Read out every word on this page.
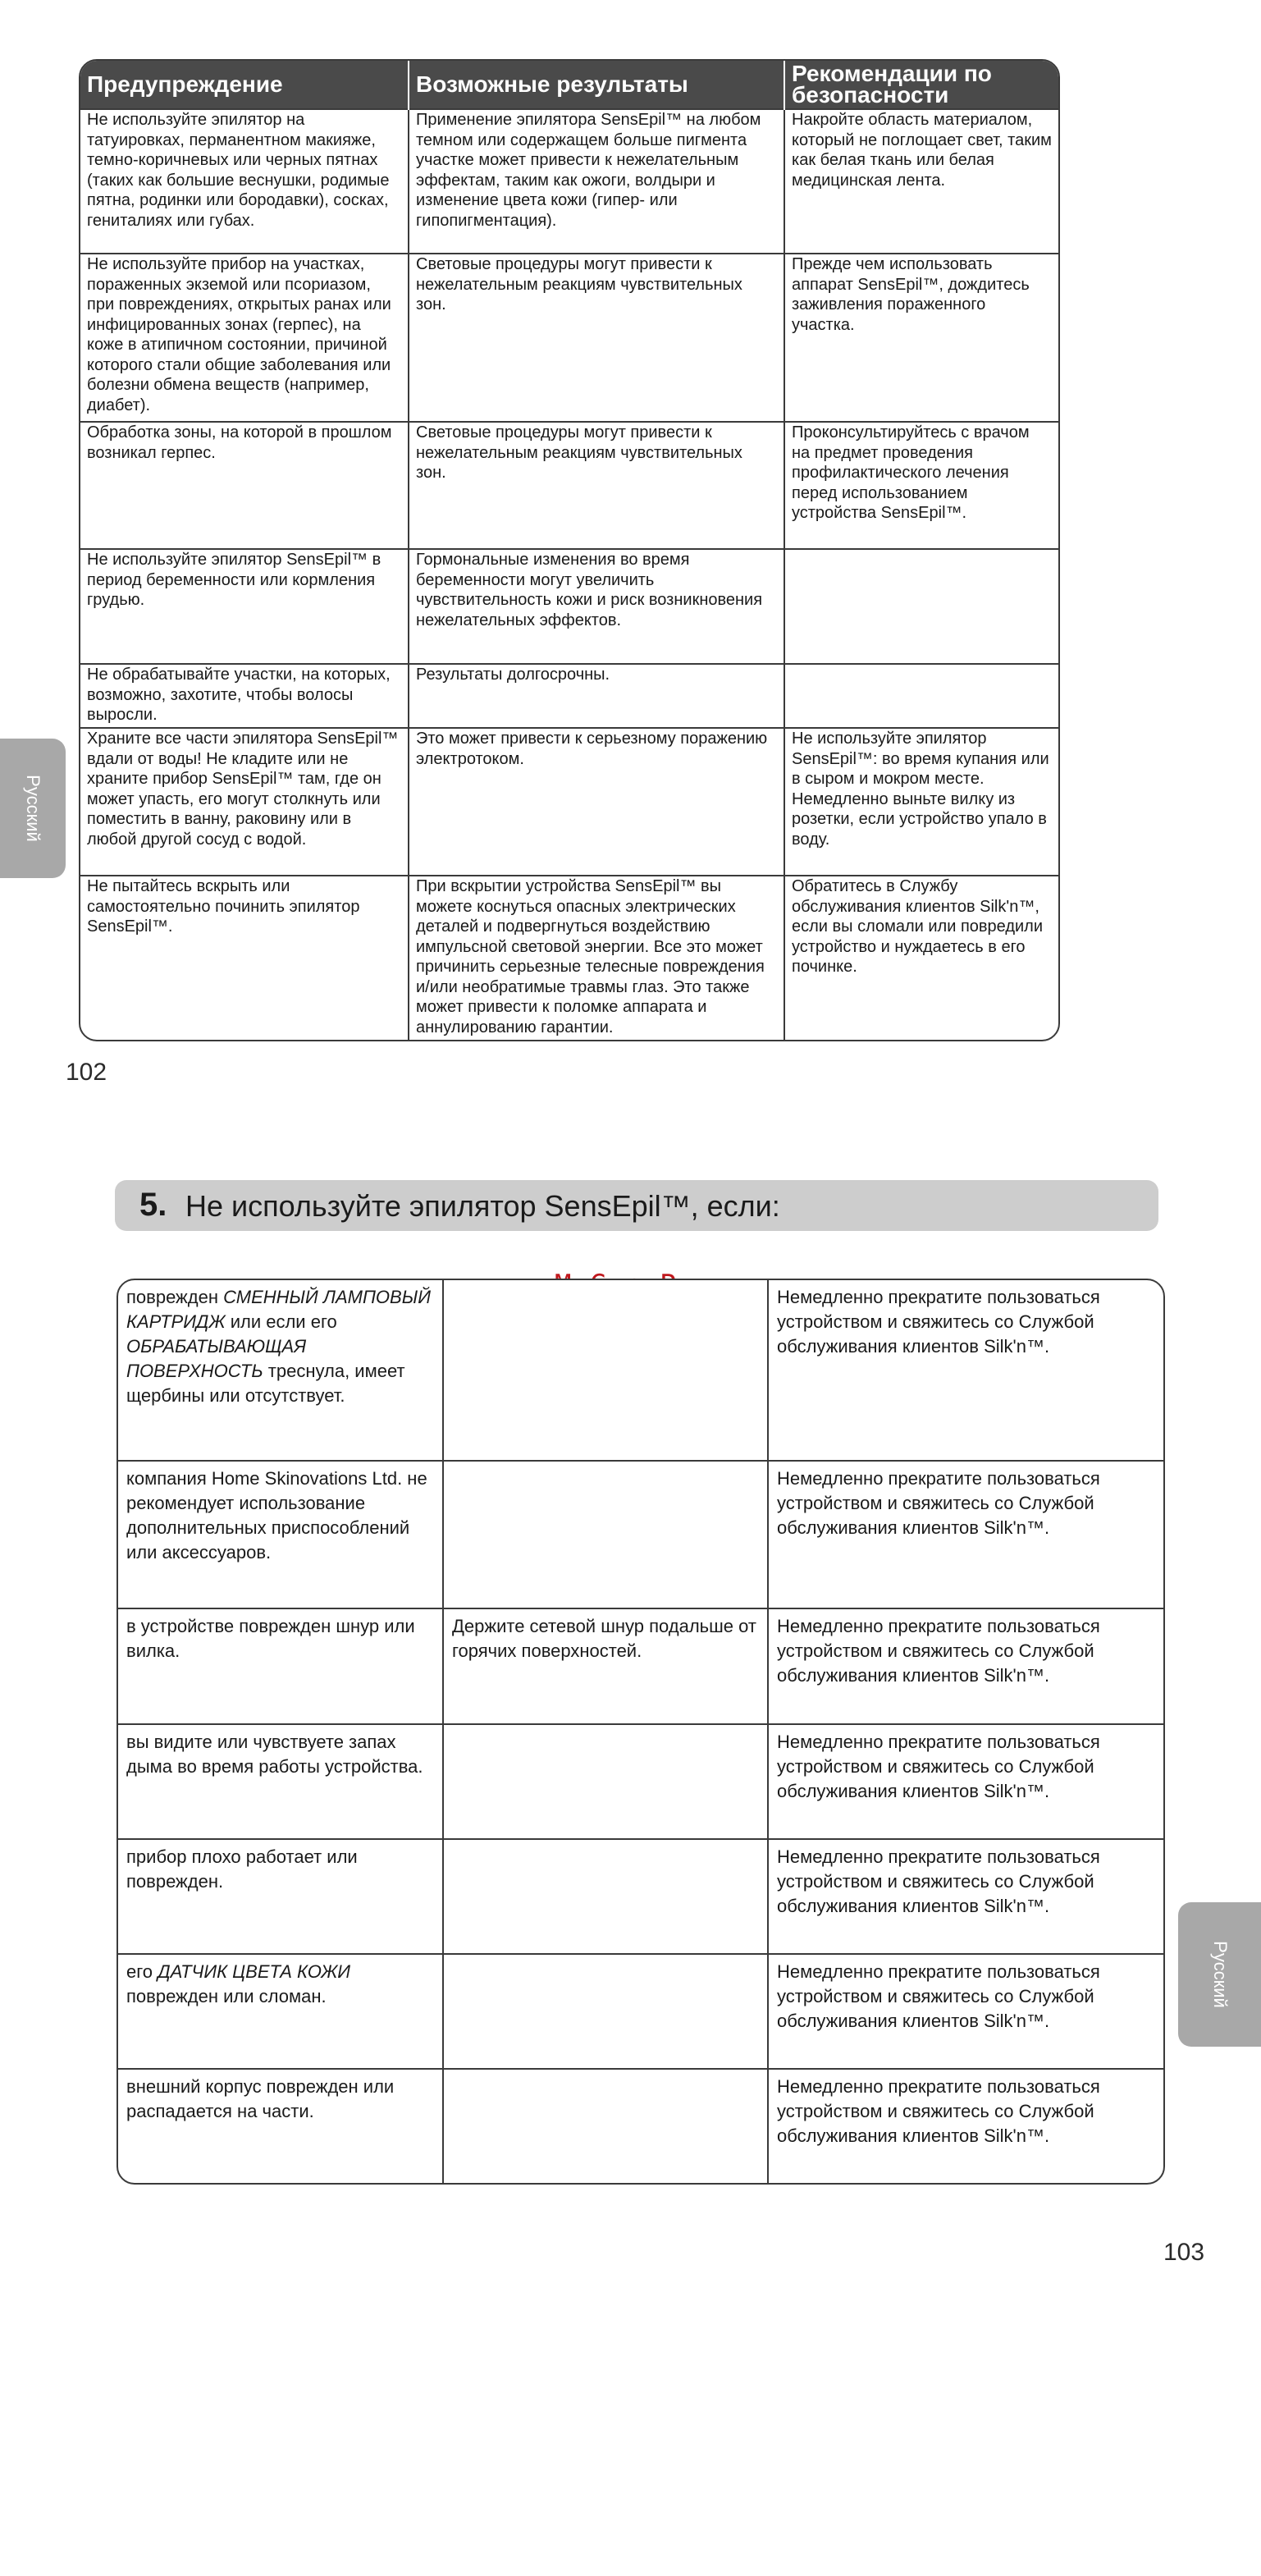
Предупреждение	Возможные результаты	Рекомендации по безопасности
Не используйте эпилятор на татуировках, перманентном макияже, темно-коричневых или черных пятнах (таких как большие веснушки, родимые пятна, родинки или бородавки), сосках, гениталиях или губах.	Применение эпилятора SensEpil™ на любом темном или содержащем больше пигмента участке может привести к нежелательным эффектам, таким как ожоги, волдыри и изменение цвета кожи (гипер- или гипопигментация).	Накройте область материалом, который не поглощает свет, таким как белая ткань или белая медицинская лента.
Не используйте прибор на участках, пораженных экземой или псориазом, при повреждениях, открытых ранах или инфицированных зонах (герпес), на коже в атипичном состоянии, причиной которого стали общие заболевания или болезни обмена веществ (например, диабет).	Световые процедуры могут привести к нежелательным реакциям чувствительных зон.	Прежде чем использовать аппарат SensEpil™, дождитесь заживления пораженного участка.
Обработка зоны, на которой в прошлом возникал герпес.	Световые процедуры могут привести к нежелательным реакциям чувствительных зон.	Проконсультируйтесь с врачом на предмет проведения профилактического лечения перед использованием устройства SensEpil™.
Не используйте эпилятор SensEpil™ в период беременности или кормления грудью.	Гормональные изменения во время беременности могут увеличить чувствительность кожи и риск возникновения нежелательных эффектов.	
Не обрабатывайте участки, на которых, возможно, захотите, чтобы волосы выросли.	Результаты долгосрочны.	
Храните все части эпилятора SensEpil™ вдали от воды! Не кладите или не храните прибор SensEpil™ там, где он может упасть, его могут столкнуть или поместить в ванну, раковину или в любой другой сосуд с водой.	Это может привести к серьезному поражению электротоком.	Не используйте эпилятор SensEpil™: во время купания или в сыром и мокром месте. Немедленно выньте вилку из розетки, если устройство упало в воду.
Не пытайтесь вскрыть или самостоятельно починить эпилятор SensEpil™.	При вскрытии устройства SensEpil™ вы можете коснуться опасных электрических деталей и подвергнуться воздействию импульсной световой энергии. Все это может причинить серьезные телесные повреждения и/или необратимые травмы глаз. Это также может привести к поломке аппарата и аннулированию гарантии.	Обратитесь в Службу обслуживания клиентов Silk'n™, если вы сломали или повредили устройство и нуждаетесь в его починке.
102
Русский
5. Не используйте эпилятор SensEpil™, если:
поврежден СМЕННЫЙ ЛАМПОВЫЙ КАРТРИДЖ или если его ОБРАБАТЫВАЮЩАЯ ПОВЕРХНОСТЬ треснула, имеет щербины или отсутствует.		Немедленно прекратите пользоваться устройством и свяжитесь со Службой обслуживания клиентов Silk'n™.
компания Home Skinovations Ltd. не рекомендует использование дополнительных приспособлений или аксессуаров.		Немедленно прекратите пользоваться устройством и свяжитесь со Службой обслуживания клиентов Silk'n™.
в устройстве поврежден шнур или вилка.	Держите сетевой шнур подальше от горячих поверхностей.	Немедленно прекратите пользоваться устройством и свяжитесь со Службой обслуживания клиентов Silk'n™.
вы видите или чувствуете запах дыма во время работы устройства.		Немедленно прекратите пользоваться устройством и свяжитесь со Службой обслуживания клиентов Silk'n™.
прибор плохо работает или поврежден.		Немедленно прекратите пользоваться устройством и свяжитесь со Службой обслуживания клиентов Silk'n™.
его ДАТЧИК ЦВЕТА КОЖИ поврежден или сломан.		Немедленно прекратите пользоваться устройством и свяжитесь со Службой обслуживания клиентов Silk'n™.
внешний корпус поврежден или распадается на части.		Немедленно прекратите пользоваться устройством и свяжитесь со Службой обслуживания клиентов Silk'n™.
Русский
103
